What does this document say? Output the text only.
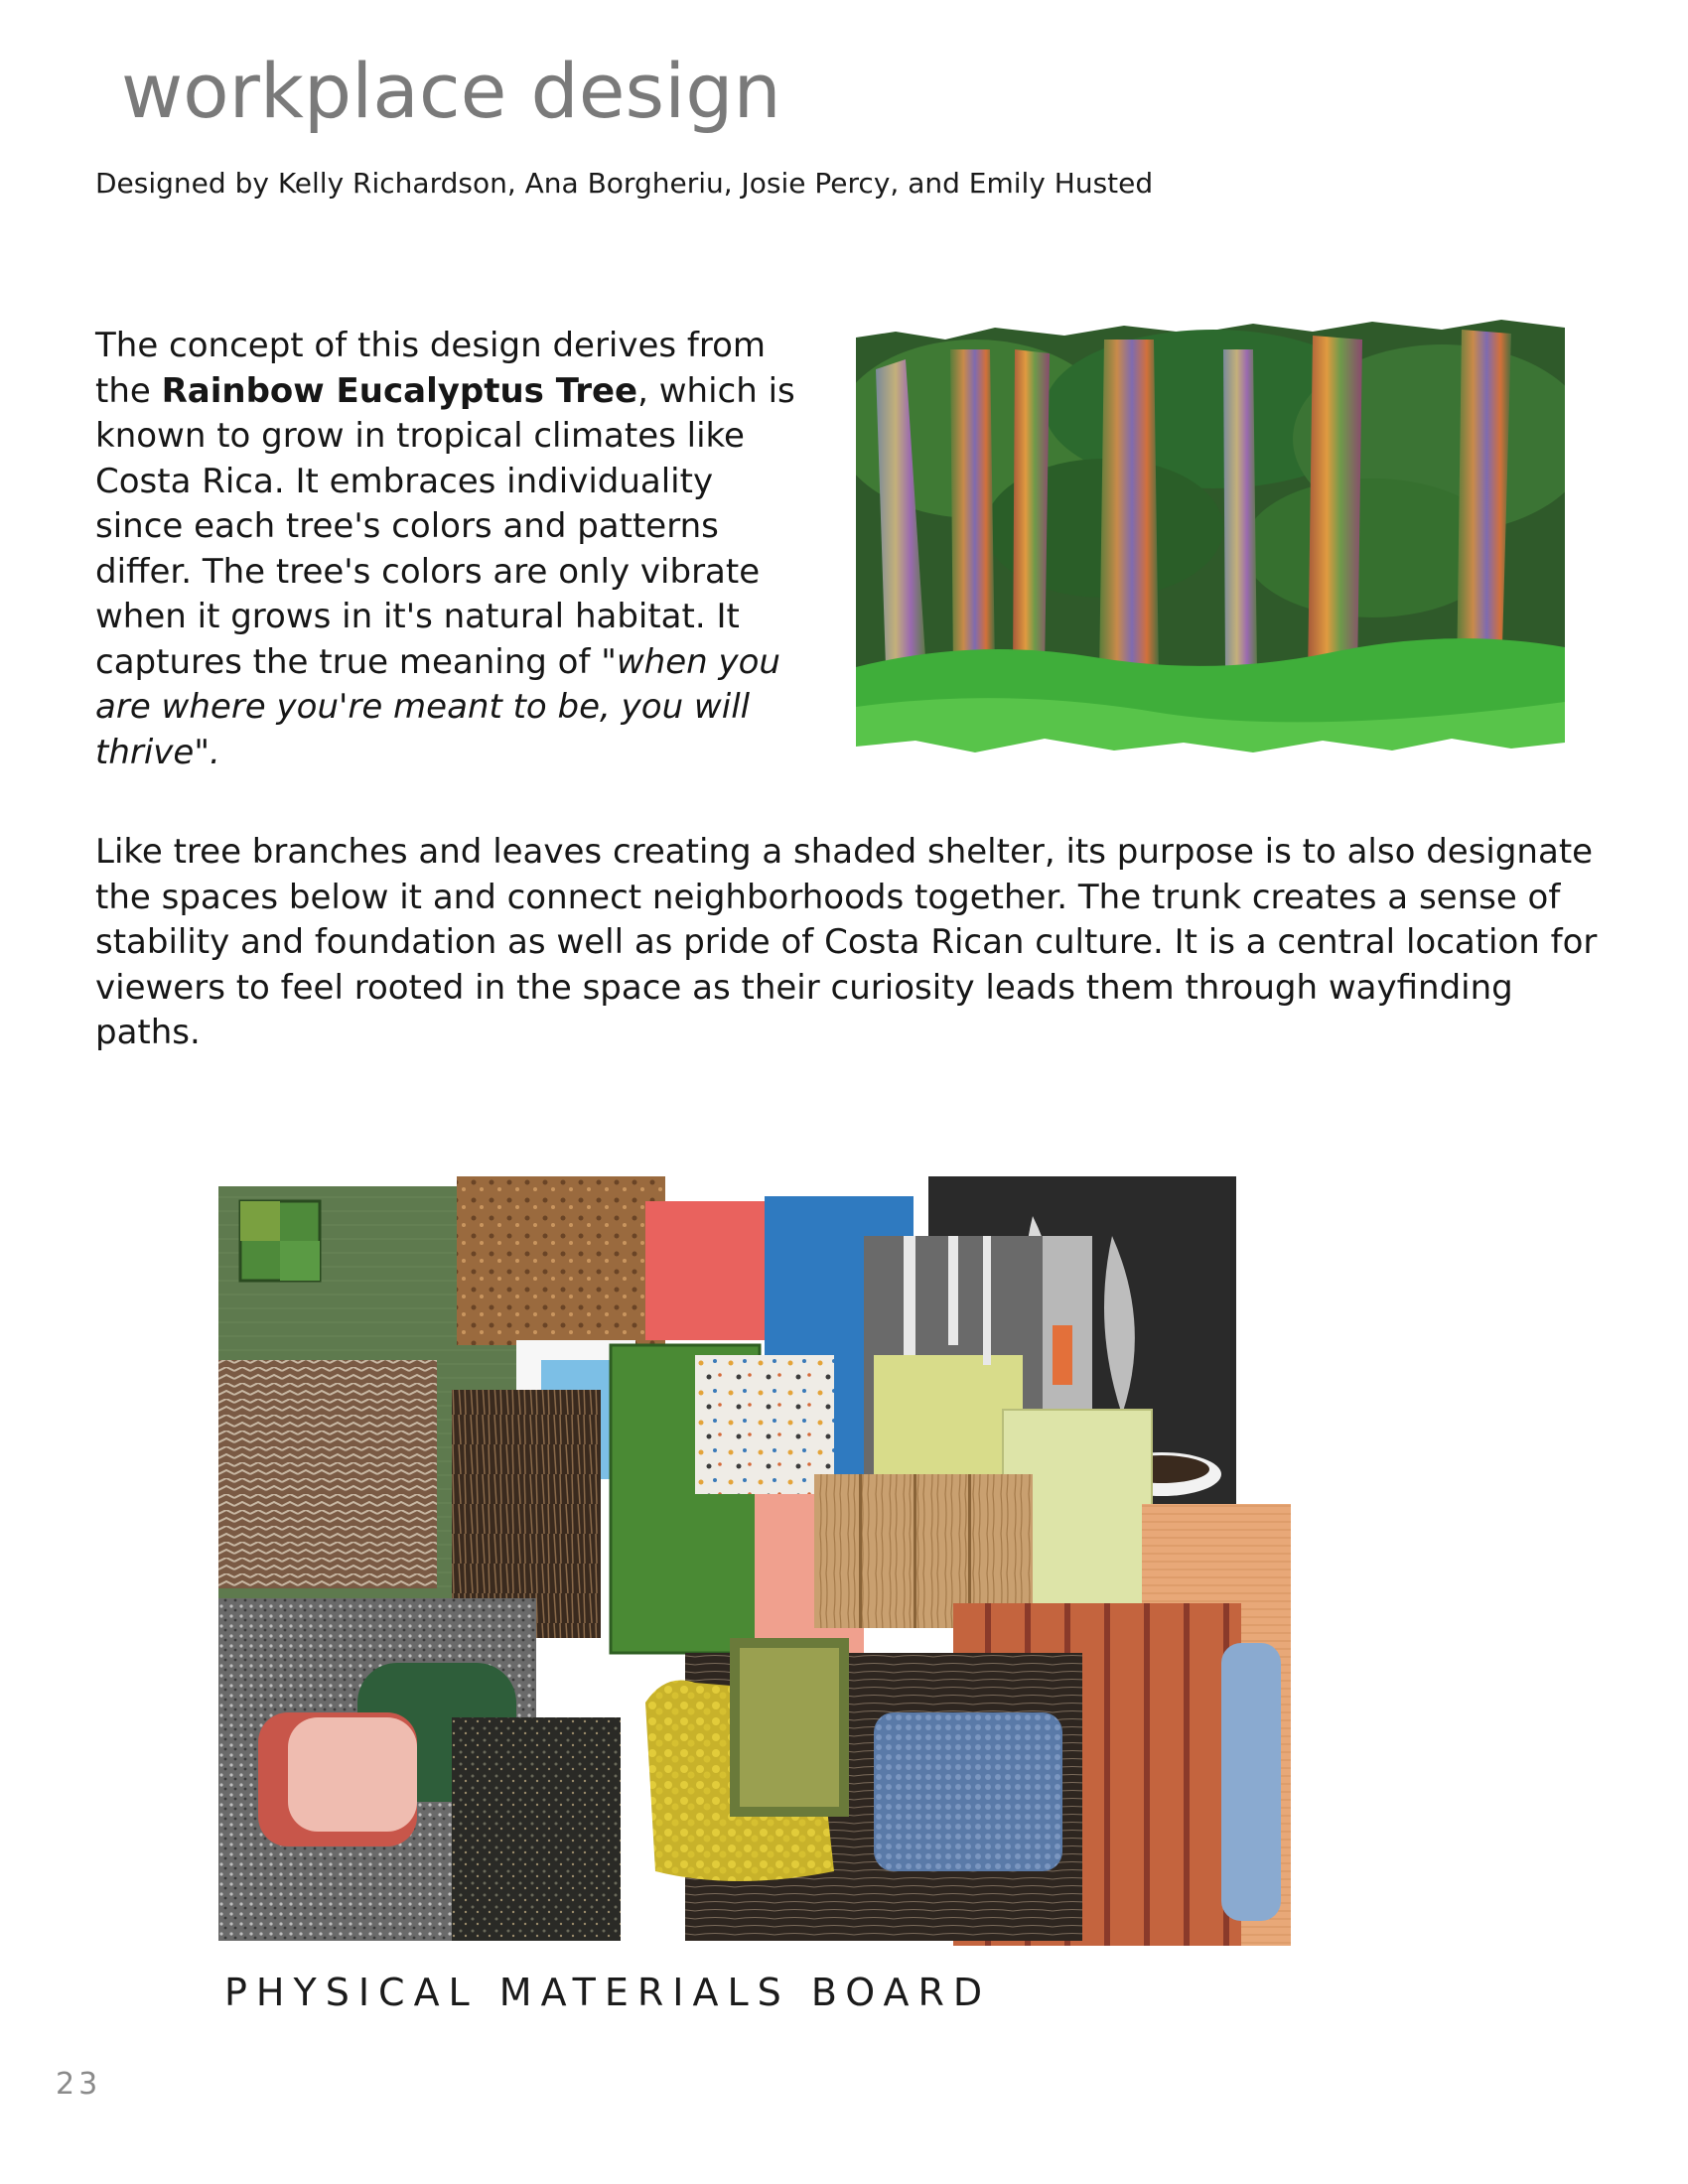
workplace design

Designed by Kelly Richardson, Ana Borgheriu, Josie Percy, and Emily Husted

The concept of this design derives from the Rainbow Eucalyptus Tree, which is known to grow in tropical climates like Costa Rica. It embraces individuality since each tree's colors and patterns differ. The tree's colors are only vibrate when it grows in it's natural habitat. It captures the true meaning of "when you are where you're meant to be, you will thrive".

Like tree branches and leaves creating a shaded shelter, its purpose is to also designate the spaces below it and connect neighborhoods together. The trunk creates a sense of stability and foundation as well as pride of Costa Rican culture. It is a central location for viewers to feel rooted in the space as their curiosity leads them through wayfinding paths.

PHYSICAL MATERIALS BOARD

23
